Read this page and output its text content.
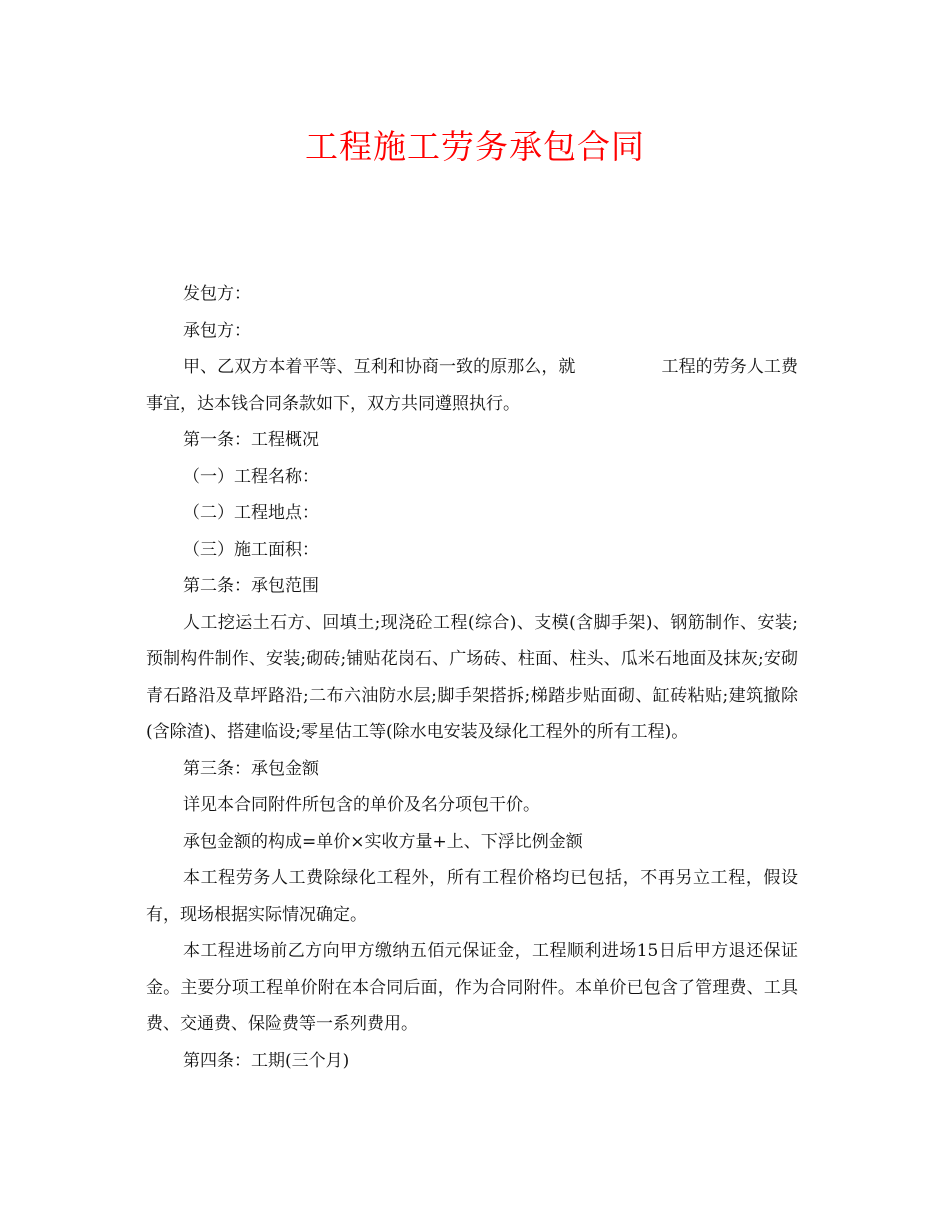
工程施工劳务承包合同

发包方：

承包方：

甲、乙双方本着平等、互利和协商一致的原那么，就	工程的劳务人工费事宜，达本钱合同条款如下，双方共同遵照执行。

第一条：工程概况

（一）工程名称：

（二）工程地点：

（三）施工面积：

第二条：承包范围

人工挖运土石方、回填土;现浇砼工程(综合)、支模(含脚手架)、钢筋制作、安装;预制构件制作、安装;砌砖;铺贴花岗石、广场砖、柱面、柱头、瓜米石地面及抹灰;安砌青石路沿及草坪路沿;二布六油防水层;脚手架搭拆;梯踏步贴面砌、缸砖粘贴;建筑撤除(含除渣)、搭建临设;零星估工等(除水电安装及绿化工程外的所有工程)。

第三条：承包金额

详见本合同附件所包含的单价及名分项包干价。

承包金额的构成=单价×实收方量+上、下浮比例金额

本工程劳务人工费除绿化工程外，所有工程价格均已包括，不再另立工程，假设有，现场根据实际情况确定。

本工程进场前乙方向甲方缴纳五佰元保证金，工程顺利进场15日后甲方退还保证金。主要分项工程单价附在本合同后面，作为合同附件。本单价已包含了管理费、工具费、交通费、保险费等一系列费用。

第四条：工期(三个月)
